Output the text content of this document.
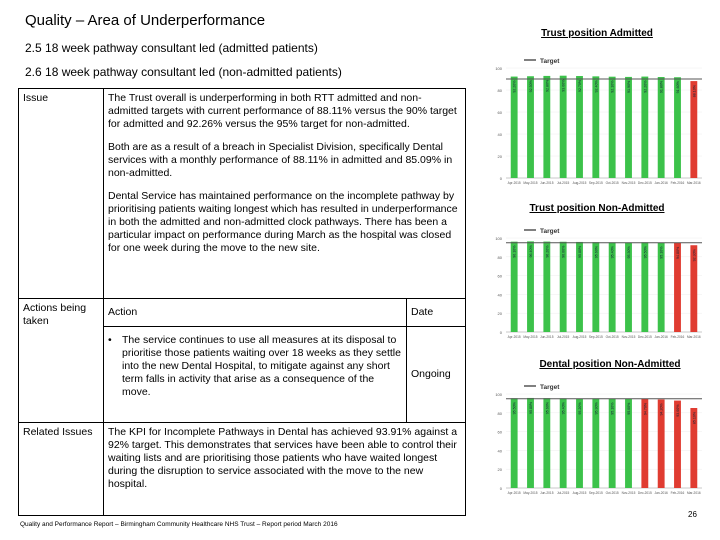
Quality – Area of Underperformance
2.5 18 week pathway consultant led (admitted patients)
2.6 18 week pathway consultant led (non-admitted patients)
Issue	The Trust overall is underperforming in both RTT admitted and non-admitted targets with current performance of 88.11% versus the 90% target for admitted and 92.26% versus the 95% target for non-admitted.

Both are as a result of a breach in Specialist Division, specifically Dental services with a monthly performance of 88.11% in admitted and 85.09% in non-admitted.

Dental Service has maintained performance on the incomplete pathway by prioritising patients waiting longest which has resulted in underperformance in both the admitted and non-admitted clock pathways. There has been a particular impact on performance during March as the hospital was closed for one week during the move to the new site.	

Actions being taken	Action	Date

	• The service continues to use all measures at its disposal to prioritise those patients waiting over 18 weeks as they settle into the new Dental Hospital, to mitigate against any short term falls in activity that arise as a consequence of the move.	Ongoing
Related Issues	The KPI for Incomplete Pathways in Dental has achieved 93.91% against a 92% target. This demonstrates that services have been able to control their waiting lists and are prioritising those patients who have waited longest during the disruption to service associated with the move to the new hospital.	
Trust position Admitted
Target
0
20
40
60
80
100
92.20%
Apr-2015
92.50%
May-2015
92.80%
Jun-2015
93.00%
Jul-2015
92.70%
Aug-2015
92.40%
Sep-2015
92.10%
Oct-2015
91.90%
Nov-2015
92.20%
Dec-2015
91.80%
Jan-2016
91.60%
Feb-2016
88.10%
Mar-2016
Trust position Non-Admitted
Target
0
20
40
60
80
100
96.10%
Apr-2015
96.40%
May-2015
96.20%
Jun-2015
96.00%
Jul-2015
95.80%
Aug-2015
95.60%
Sep-2015
95.40%
Oct-2015
95.30%
Nov-2015
95.50%
Dec-2015
95.10%
Jan-2016
94.80%
Feb-2016
92.30%
Mar-2016
Dental position Non-Admitted
Target
0
20
40
60
80
100
95.50%
Apr-2015
95.80%
May-2015
95.60%
Jun-2015
95.40%
Jul-2015
95.20%
Aug-2015
95.30%
Sep-2015
95.10%
Oct-2015
95.00%
Nov-2015
94.70%
Dec-2015
94.20%
Jan-2016
93.00%
Feb-2016
85.10%
Mar-2016
Quality and Performance Report – Birmingham Community Healthcare NHS Trust – Report period March 2016
26
